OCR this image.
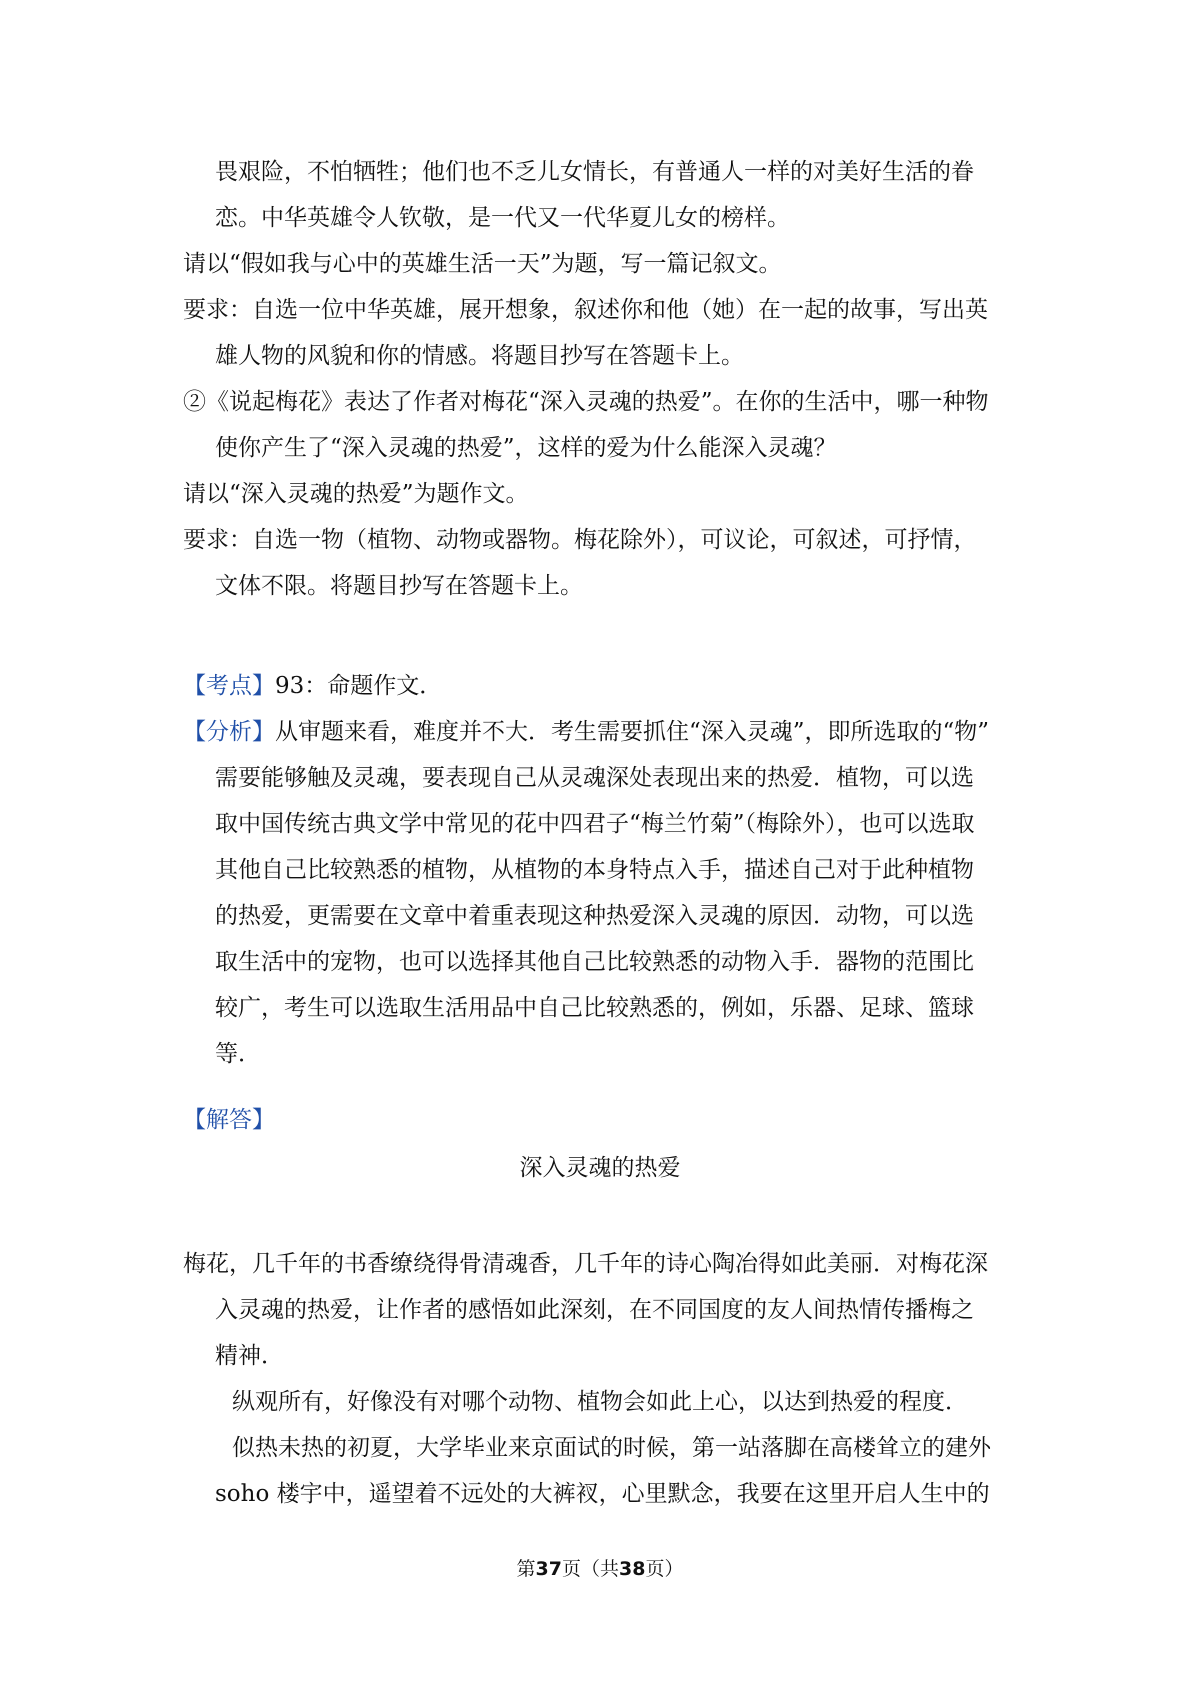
畏艰险，不怕牺牲；他们也不乏儿女情长，有普通人一样的对美好生活的眷
恋。中华英雄令人钦敬，是一代又一代华夏儿女的榜样。
请以“假如我与心中的英雄生活一天”为题，写一篇记叙文。
要求：自选一位中华英雄，展开想象，叙述你和他（她）在一起的故事，写出英
雄人物的风貌和你的情感。将题目抄写在答题卡上。
②《说起梅花》表达了作者对梅花“深入灵魂的热爱”。在你的生活中，哪一种物
使你产生了“深入灵魂的热爱”，这样的爱为什么能深入灵魂？
请以“深入灵魂的热爱”为题作文。
要求：自选一物（植物、动物或器物。梅花除外），可议论，可叙述，可抒情，
文体不限。将题目抄写在答题卡上。
【考点】93：命题作文．
【分析】从审题来看，难度并不大．考生需要抓住“深入灵魂”，即所选取的“物”
需要能够触及灵魂，要表现自己从灵魂深处表现出来的热爱．植物，可以选
取中国传统古典文学中常见的花中四君子“梅兰竹菊”（梅除外），也可以选取
其他自己比较熟悉的植物，从植物的本身特点入手，描述自己对于此种植物
的热爱，更需要在文章中着重表现这种热爱深入灵魂的原因．动物，可以选
取生活中的宠物，也可以选择其他自己比较熟悉的动物入手．器物的范围比
较广，考生可以选取生活用品中自己比较熟悉的，例如，乐器、足球、篮球
等．
【解答】
深入灵魂的热爱
梅花，几千年的书香缭绕得骨清魂香，几千年的诗心陶冶得如此美丽．对梅花深
入灵魂的热爱，让作者的感悟如此深刻，在不同国度的友人间热情传播梅之
精神．
纵观所有，好像没有对哪个动物、植物会如此上心，以达到热爱的程度．
似热未热的初夏，大学毕业来京面试的时候，第一站落脚在高楼耸立的建外
soho 楼宇中，遥望着不远处的大裤衩，心里默念，我要在这里开启人生中的
第37页（共38页）
